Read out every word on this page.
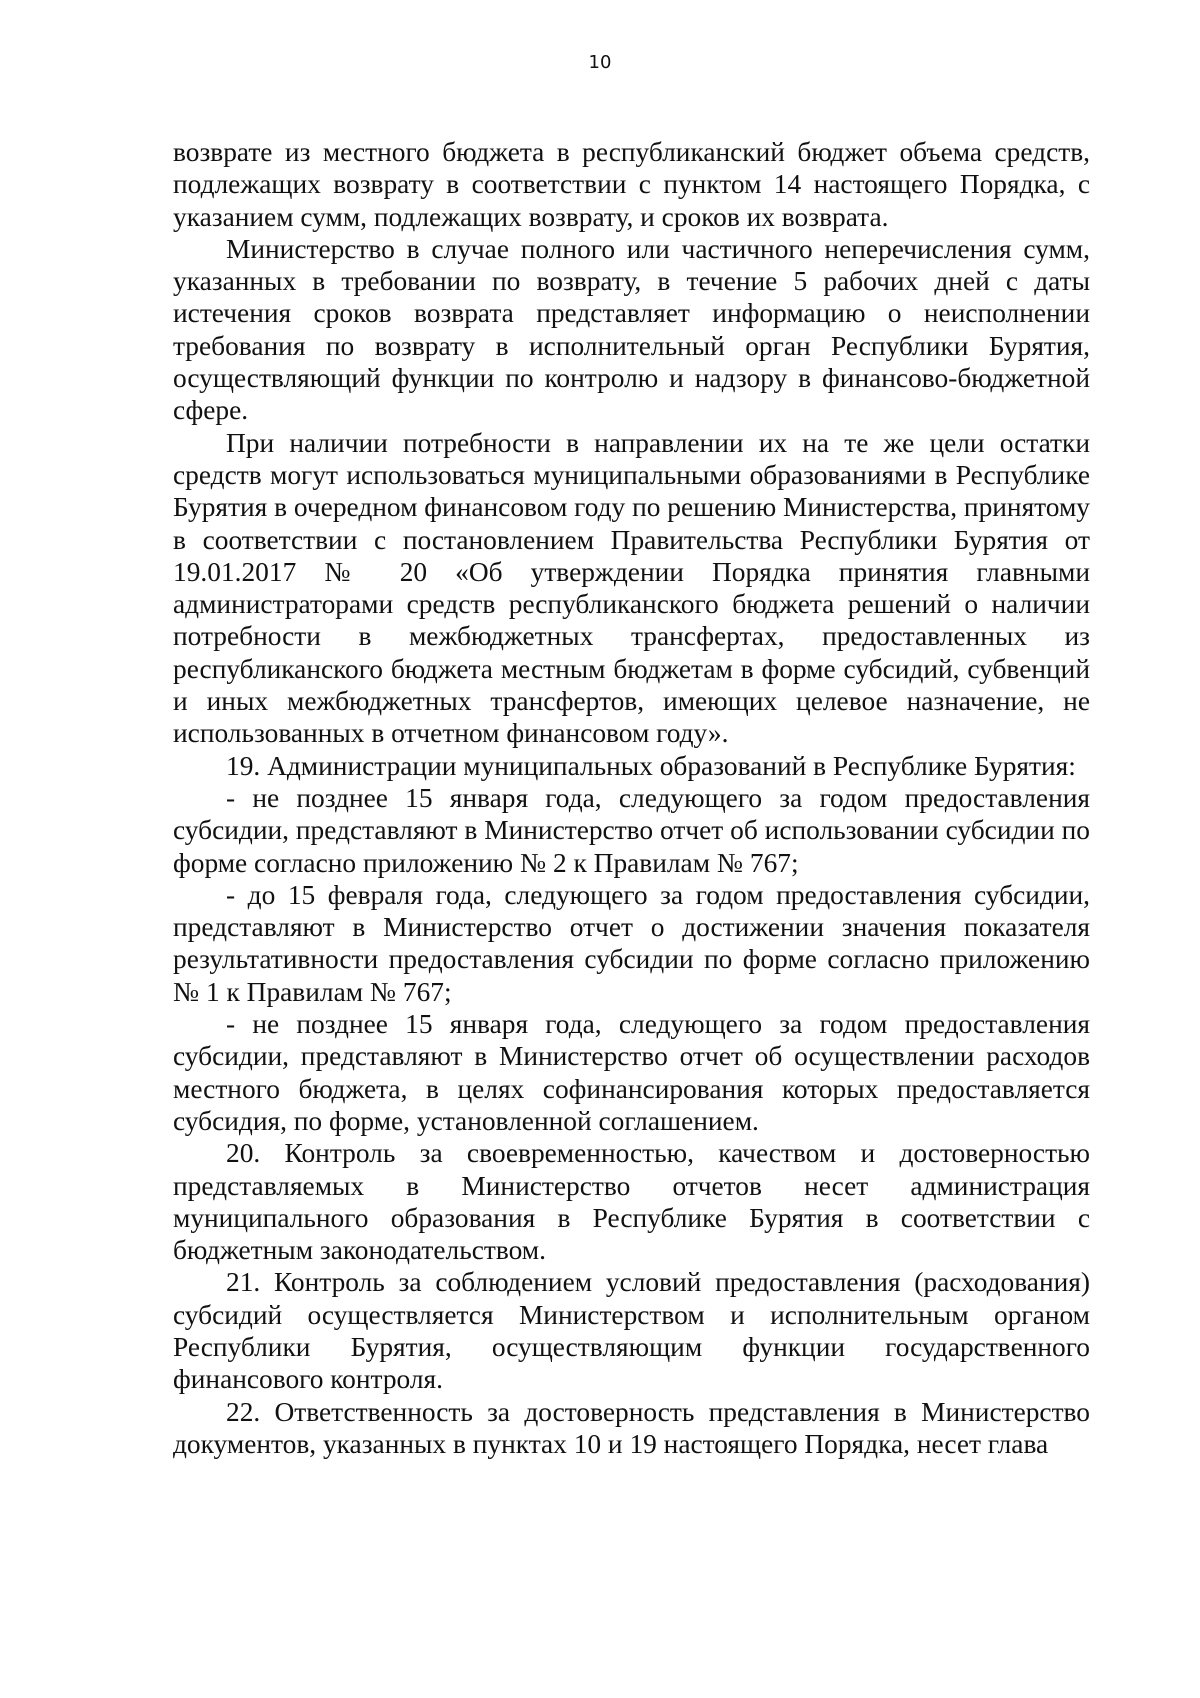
10

возврате из местного бюджета в республиканский бюджет объема средств, подлежащих возврату в соответствии с пунктом 14 настоящего Порядка, с указанием сумм, подлежащих возврату, и сроков их возврата.

Министерство в случае полного или частичного неперечисления сумм, указанных в требовании по возврату, в течение 5 рабочих дней с даты истечения сроков возврата представляет информацию о неисполнении требования по возврату в исполнительный орган Республики Бурятия, осуществляющий функции по контролю и надзору в финансово-бюджетной сфере.

При наличии потребности в направлении их на те же цели остатки средств могут использоваться муниципальными образованиями в Республике Бурятия в очередном финансовом году по решению Министерства, принятому в соответствии с постановлением Правительства Республики Бурятия от 19.01.2017 № 20 «Об утверждении Порядка принятия главными администраторами средств республиканского бюджета решений о наличии потребности в межбюджетных трансфертах, предоставленных из республиканского бюджета местным бюджетам в форме субсидий, субвенций и иных межбюджетных трансфертов, имеющих целевое назначение, не использованных в отчетном финансовом году».

19. Администрации муниципальных образований в Республике Бурятия:

- не позднее 15 января года, следующего за годом предоставления субсидии, представляют в Министерство отчет об использовании субсидии по форме согласно приложению № 2 к Правилам № 767;

- до 15 февраля года, следующего за годом предоставления субсидии, представляют в Министерство отчет о достижении значения показателя результативности предоставления субсидии по форме согласно приложению № 1 к Правилам № 767;

- не позднее 15 января года, следующего за годом предоставления субсидии, представляют в Министерство отчет об осуществлении расходов местного бюджета, в целях софинансирования которых предоставляется субсидия, по форме, установленной соглашением.

20. Контроль за своевременностью, качеством и достоверностью представляемых в Министерство отчетов несет администрация муниципального образования в Республике Бурятия в соответствии с бюджетным законодательством.

21. Контроль за соблюдением условий предоставления (расходования) субсидий осуществляется Министерством и исполнительным органом Республики Бурятия, осуществляющим функции государственного финансового контроля.

22. Ответственность за достоверность представления в Министерство документов, указанных в пунктах 10 и 19 настоящего Порядка, несет глава
